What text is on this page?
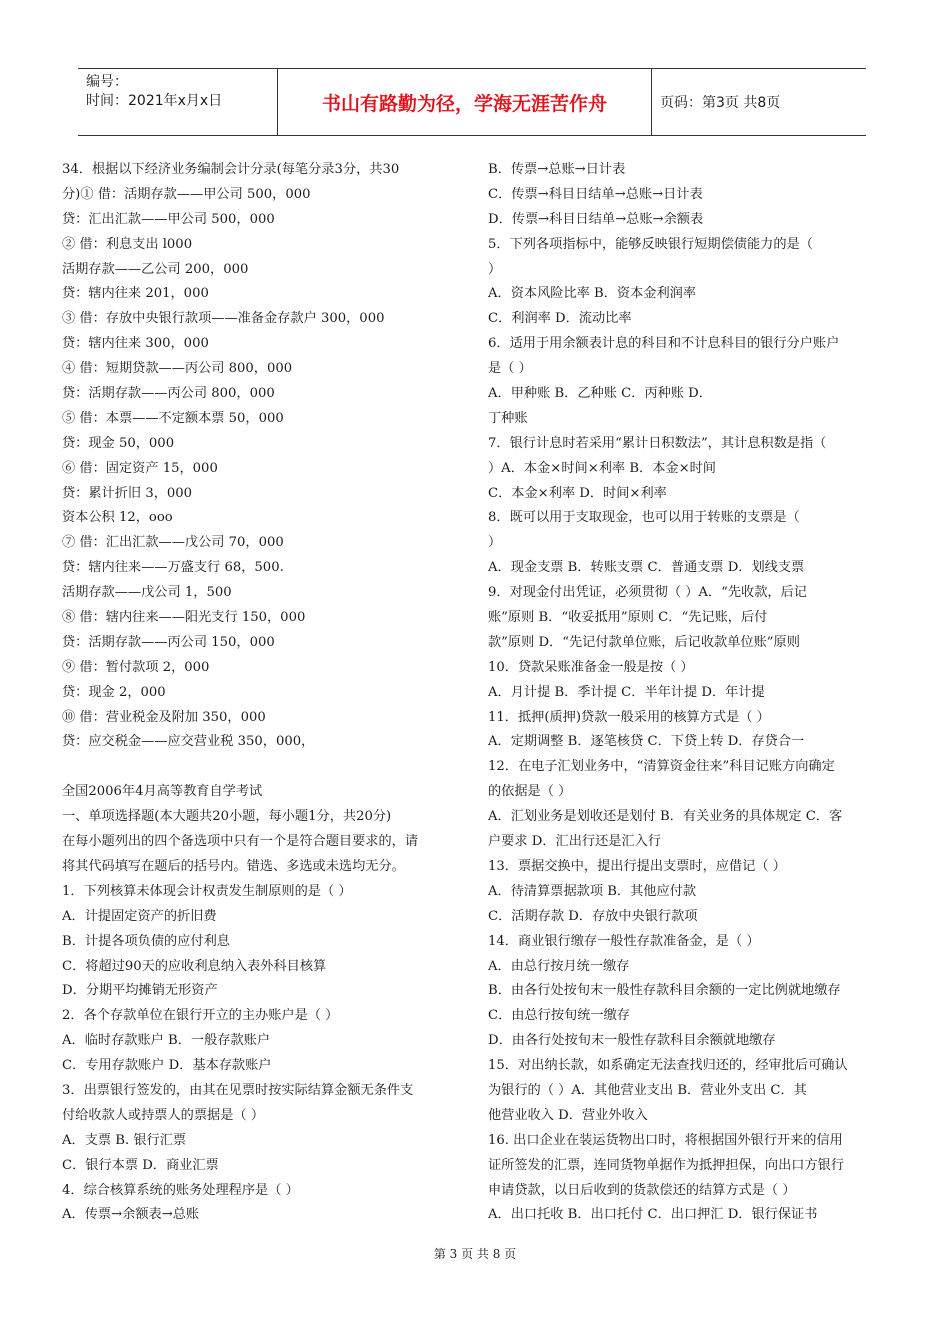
编号：
时间：2021年x月x日	书山有路勤为径，学海无涯苦作舟	页码：第3页 共8页
34．根据以下经济业务编制会计分录(每笔分录3分，共30
分)① 借：活期存款——甲公司 500，000
贷：汇出汇款——甲公司 500，000
② 借：利息支出 l000
活期存款——乙公司 200，000
贷：辖内往来 201，000
③ 借：存放中央银行款项——准备金存款户 300，000
贷：辖内往来 300，000
④ 借：短期贷款——丙公司 800，000
贷：活期存款——丙公司 800，000
⑤ 借：本票——不定额本票 50，000
贷：现金 50，000
⑥ 借：固定资产 15，000
贷：累计折旧 3，000
资本公积 12，ooo
⑦ 借：汇出汇款——戊公司 70，000
贷：辖内往来——万盛支行 68，500.
活期存款——戊公司 1，500
⑧ 借：辖内往来——阳光支行 150，000
贷：活期存款——丙公司 150，000
⑨ 借：暂付款项 2，000
贷：现金 2，000
⑩ 借：营业税金及附加 350，000
贷：应交税金——应交营业税 350，000，
全国2006年4月高等教育自学考试
一、单项选择题(本大题共20小题，每小题1分，共20分)
在每小题列出的四个备选项中只有一个是符合题目要求的，请
将其代码填写在题后的括号内。错选、多选或未选均无分。
1．下列核算未体现会计权责发生制原则的是（ ）
A．计提固定资产的折旧费
B．计提各项负债的应付利息
C．将超过90天的应收利息纳入表外科目核算
D．分期平均摊销无形资产
2．各个存款单位在银行开立的主办账户是（ ）
A．临时存款账户 B．一般存款账户
C．专用存款账户 D．基本存款账户
3．出票银行签发的，由其在见票时按实际结算金额无条件支
付给收款人或持票人的票据是（ ）
A．支票 B. 银行汇票
C．银行本票 D．商业汇票
4．综合核算系统的账务处理程序是（ ）
A．传票→余额表→总账
B．传票→总账→日计表
C．传票→科目日结单→总账→日计表
D．传票→科目日结单→总账→余额表
5．下列各项指标中，能够反映银行短期偿债能力的是（
）
A．资本风险比率 B．资本金利润率
C．利润率 D．流动比率
6．适用于用余额表计息的科目和不计息科目的银行分户账户
是（ ）
A．甲种账 B．乙种账 C．丙种账 D．
丁种账
7．银行计息时若采用“累计日积数法”，其计息积数是指（
）A．本金×时间×利率 B．本金×时间
C．本金×利率 D．时间×利率
8．既可以用于支取现金，也可以用于转账的支票是（
）
A．现金支票 B．转账支票 C．普通支票 D．划线支票
9．对现金付出凭证，必须贯彻（ ）A．“先收款，后记
账”原则 B．“收妥抵用”原则 C．“先记账，后付
款”原则 D．“先记付款单位账，后记收款单位账”原则
10．贷款呆账准备金一般是按（ ）
A．月计提 B．季计提 C．半年计提 D．年计提
11．抵押(质押)贷款一般采用的核算方式是（ ）
A．定期调整 B．逐笔核贷 C．下贷上转 D．存贷合一
12．在电子汇划业务中，“清算资金往来”科目记账方向确定
的依据是（ ）
A．汇划业务是划收还是划付 B．有关业务的具体规定 C．客
户要求 D．汇出行还是汇入行
13．票据交换中，提出行提出支票时，应借记（ ）
A．待清算票据款项 B．其他应付款
C．活期存款 D．存放中央银行款项
14．商业银行缴存一般性存款准备金，是（ ）
A．由总行按月统一缴存
B．由各行处按旬末一般性存款科目余额的一定比例就地缴存
C．由总行按旬统一缴存
D．由各行处按旬末一般性存款科目余额就地缴存
15．对出纳长款，如系确定无法查找归还的，经审批后可确认
为银行的（ ）A．其他营业支出 B．营业外支出 C．其
他营业收入 D．营业外收入
16. 出口企业在装运货物出口时，将根据国外银行开来的信用
证所签发的汇票，连同货物单据作为抵押担保，向出口方银行
申请贷款，以日后收到的货款偿还的结算方式是（ ）
A．出口托收 B．出口托付 C．出口押汇 D．银行保证书
第 3 页 共 8 页
